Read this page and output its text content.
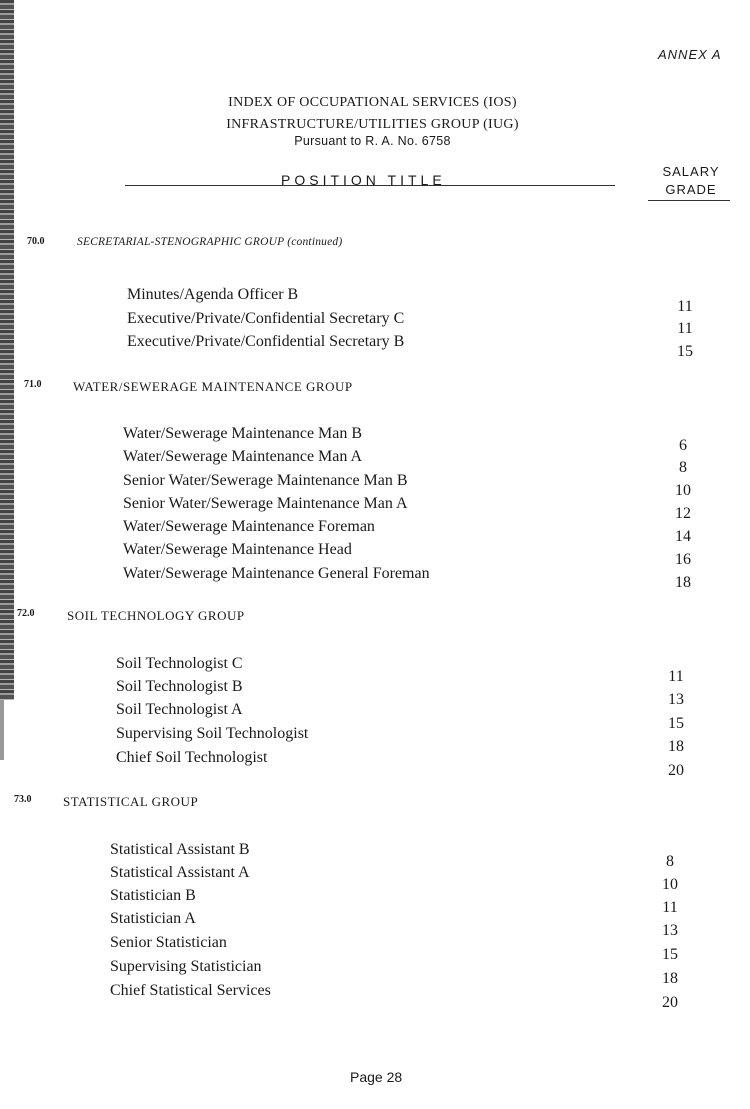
ANNEX A
INDEX OF OCCUPATIONAL SERVICES (IOS)
INFRASTRUCTURE/UTILITIES GROUP (IUG)
Pursuant to R. A. No. 6758
POSITION TITLE
SALARY
GRADE
70.0	SECRETARIAL-STENOGRAPHIC GROUP (continued)
Minutes/Agenda Officer B
11
Executive/Private/Confidential Secretary C
11
Executive/Private/Confidential Secretary B
15
71.0 WATER/SEWERAGE MAINTENANCE GROUP
Water/Sewerage Maintenance Man B
6
Water/Sewerage Maintenance Man A
8
Senior Water/Sewerage Maintenance Man B
10
Senior Water/Sewerage Maintenance Man A
12
Water/Sewerage Maintenance Foreman
14
Water/Sewerage Maintenance Head
16
Water/Sewerage Maintenance General Foreman
18
72.0	SOIL TECHNOLOGY GROUP
Soil Technologist C
11
Soil Technologist B
13
Soil Technologist A
15
Supervising Soil Technologist
18
Chief Soil Technologist
20
73.0 STATISTICAL GROUP
Statistical Assistant B
8
Statistical Assistant A
10
Statistician B
11
Statistician A
13
Senior Statistician
15
Supervising Statistician
18
Chief Statistical Services
20
Page 28
